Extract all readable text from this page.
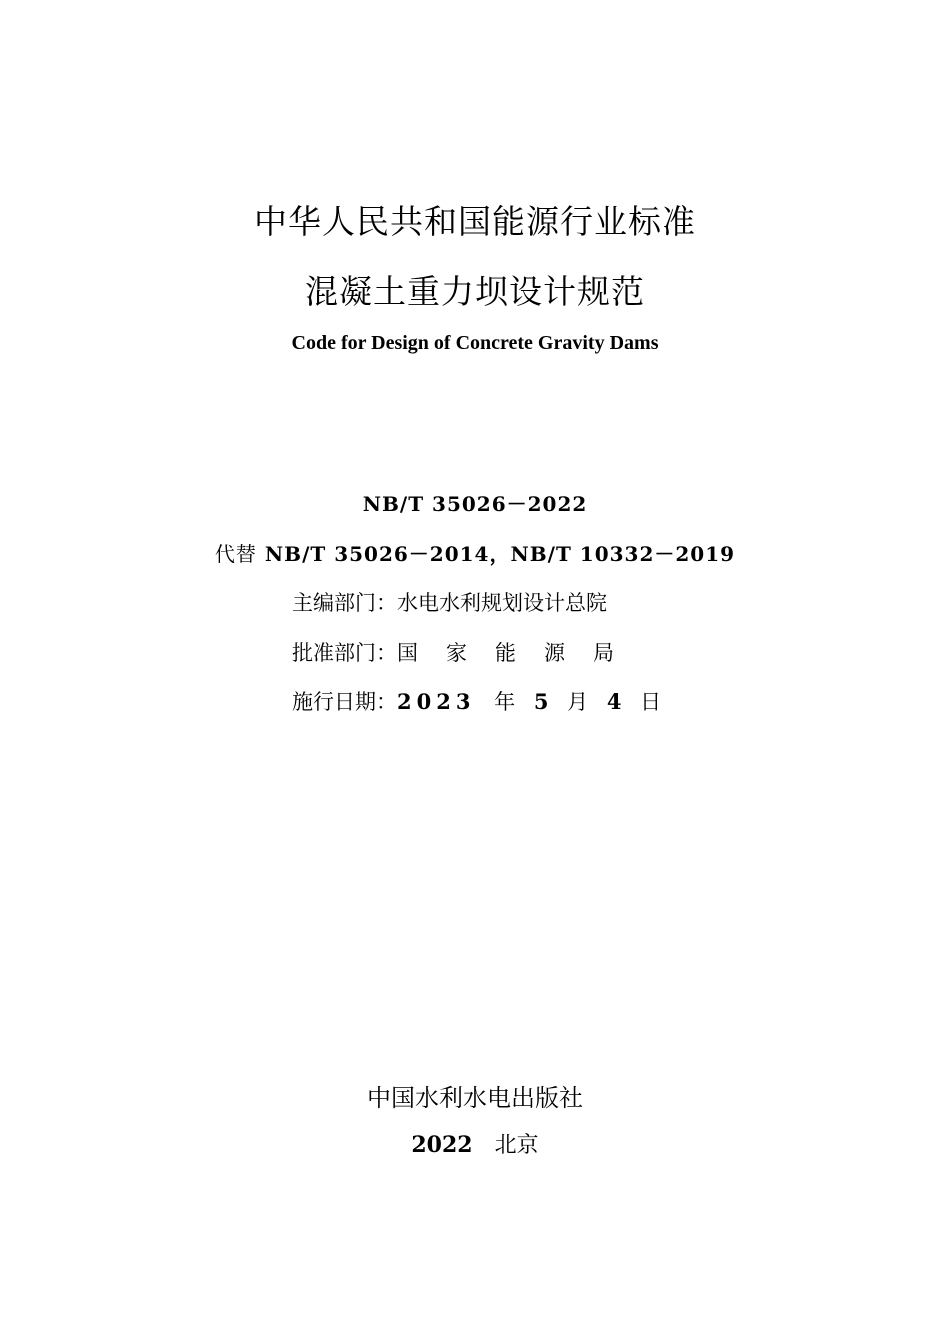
中华人民共和国能源行业标准
混凝土重力坝设计规范
Code for Design of Concrete Gravity Dams
NB/T 35026－2022
代替 NB/T 35026－2014，NB/T 10332－2019
主编部门：水电水利规划设计总院
批准部门：国家能源局
施行日期：2023 年 5 月 4 日
中国水利水电出版社
2022 北京
